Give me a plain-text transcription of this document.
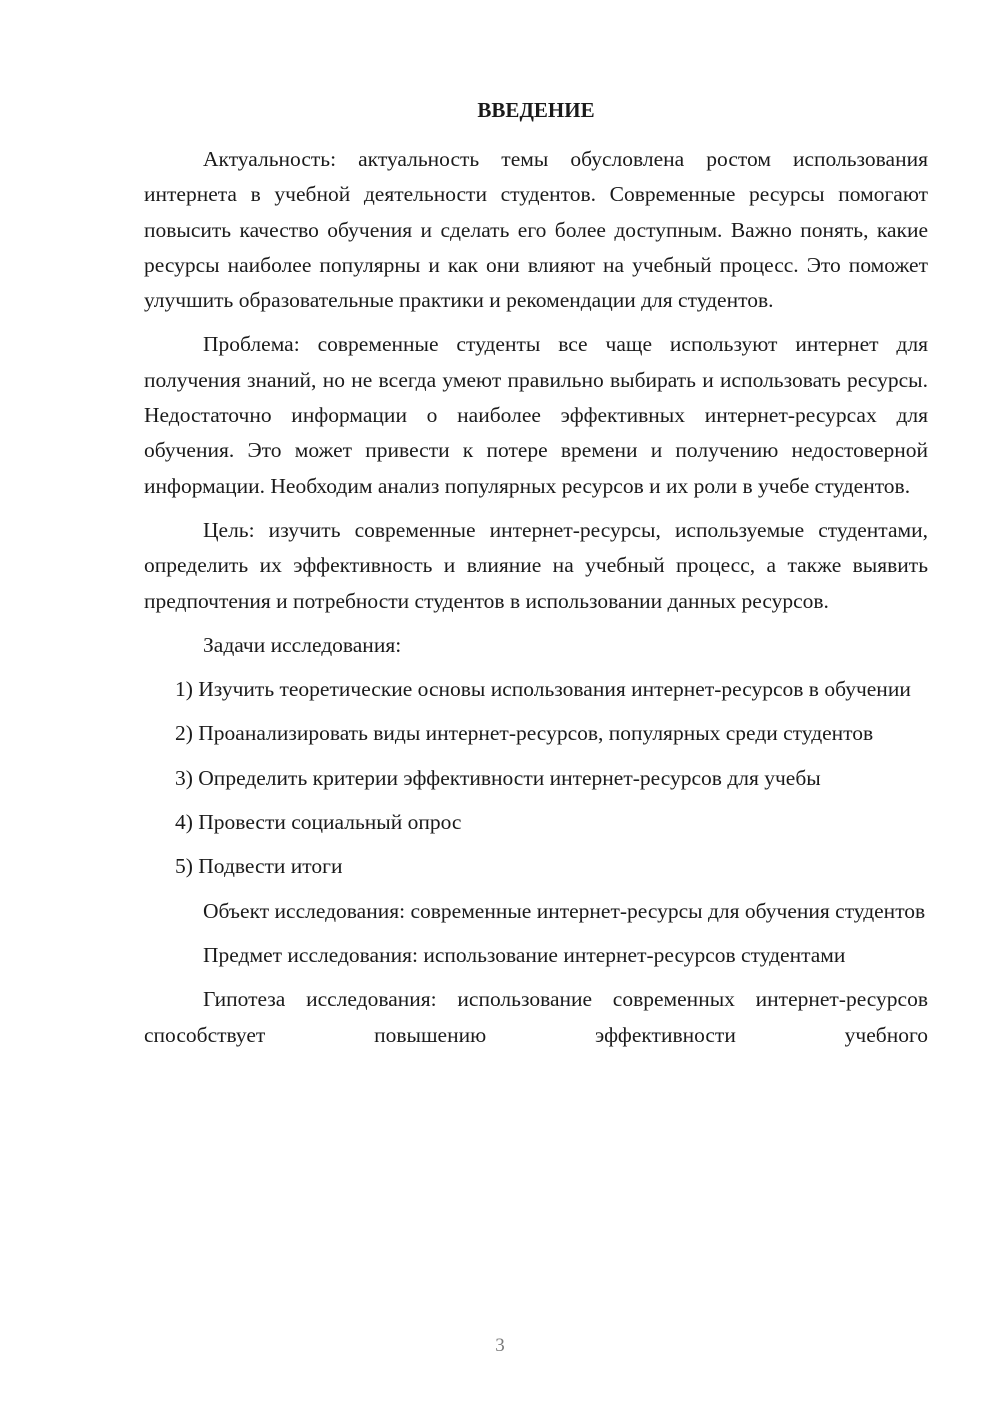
ВВЕДЕНИЕ

Актуальность: актуальность темы обусловлена ростом использования интернета в учебной деятельности студентов. Современные ресурсы помогают повысить качество обучения и сделать его более доступным. Важно понять, какие ресурсы наиболее популярны и как они влияют на учебный процесс. Это поможет улучшить образовательные практики и рекомендации для студентов.

Проблема: современные студенты все чаще используют интернет для получения знаний, но не всегда умеют правильно выбирать и использовать ресурсы. Недостаточно информации о наиболее эффективных интернет-ресурсах для обучения. Это может привести к потере времени и получению недостоверной информации. Необходим анализ популярных ресурсов и их роли в учебе студентов.

Цель: изучить современные интернет-ресурсы, используемые студентами, определить их эффективность и влияние на учебный процесс, а также выявить предпочтения и потребности студентов в использовании данных ресурсов.

Задачи исследования:

1) Изучить теоретические основы использования интернет-ресурсов в обучении

2) Проанализировать виды интернет-ресурсов, популярных среди студентов

3) Определить критерии эффективности интернет-ресурсов для учебы

4) Провести социальный опрос

5) Подвести итоги

Объект исследования: современные интернет-ресурсы для обучения студентов

Предмет исследования: использование интернет-ресурсов студентами

Гипотеза исследования: использование современных интернет-ресурсов способствует повышению эффективности учебного

3
